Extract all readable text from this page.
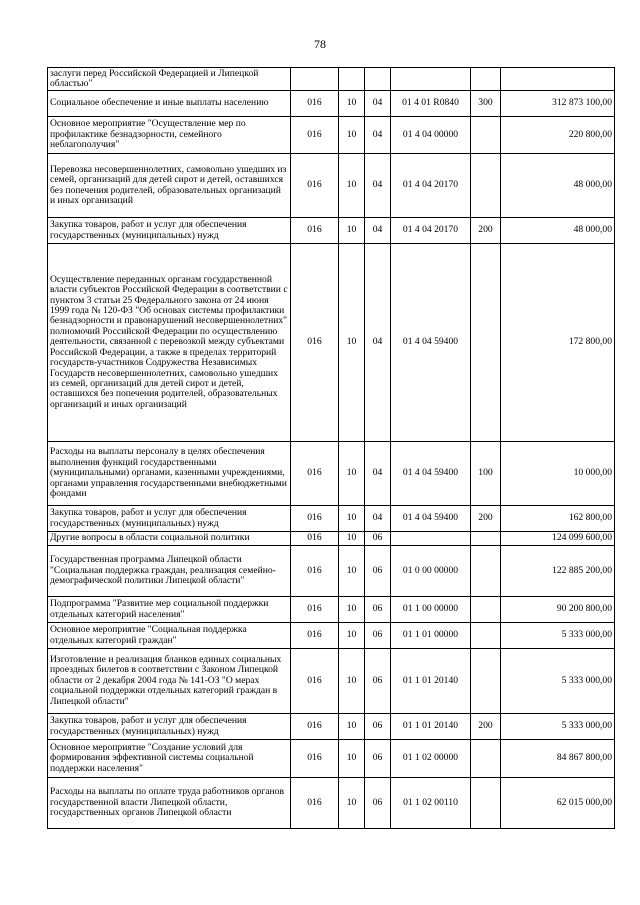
78
заслуги перед Российской Федерацией и Липецкой областью"						
Социальное обеспечение и иные выплаты населению	016	10	04	01 4 01 R0840	300	312 873 100,00
Основное мероприятие "Осуществление мер по профилактике безнадзорности, семейного неблагополучия"	016	10	04	01 4 04 00000		220 800,00
Перевозка несовершеннолетних, самовольно ушедших из семей, организаций для детей сирот и детей, оставшихся без попечения родителей, образовательных организаций и иных организаций	016	10	04	01 4 04 20170		48 000,00
Закупка товаров, работ и услуг для обеспечения государственных (муниципальных) нужд	016	10	04	01 4 04 20170	200	48 000,00
Осуществление переданных органам государственной власти субъектов Российской Федерации в соответствии с пунктом 3 статьи 25 Федерального закона от 24 июня 1999 года № 120-ФЗ "Об основах системы профилактики безнадзорности и правонарушений несовершеннолетних" полномочий Российской Федерации по осуществлению деятельности, связанной с перевозкой между субъектами Российской Федерации, а также в пределах территорий государств-участников Содружества Независимых Государств несовершеннолетних, самовольно ушедших из семей, организаций для детей сирот и детей, оставшихся без попечения родителей, образовательных организаций и иных организаций	016	10	04	01 4 04 59400		172 800,00
Расходы на выплаты персоналу в целях обеспечения выполнения функций государственными (муниципальными) органами, казенными учреждениями, органами управления государственными внебюджетными фондами	016	10	04	01 4 04 59400	100	10 000,00
Закупка товаров, работ и услуг для обеспечения государственных (муниципальных) нужд	016	10	04	01 4 04 59400	200	162 800,00
Другие вопросы в области социальной политики	016	10	06			124 099 600,00
Государственная программа Липецкой области "Социальная поддержка граждан, реализация семейно-демографической политики Липецкой области"	016	10	06	01 0 00 00000		122 885 200,00
Подпрограмма "Развитие мер социальной поддержки отдельных категорий населения"	016	10	06	01 1 00 00000		90 200 800,00
Основное мероприятие "Социальная поддержка отдельных категорий граждан"	016	10	06	01 1 01 00000		5 333 000,00
Изготовление и реализация бланков единых социальных проездных билетов в соответствии с Законом Липецкой области от 2 декабря 2004 года № 141-ОЗ "О мерах социальной поддержки отдельных категорий граждан в Липецкой области"	016	10	06	01 1 01 20140		5 333 000,00
Закупка товаров, работ и услуг для обеспечения государственных (муниципальных) нужд	016	10	06	01 1 01 20140	200	5 333 000,00
Основное мероприятие "Создание условий для формирования эффективной системы социальной поддержки населения"	016	10	06	01 1 02 00000		84 867 800,00
Расходы на выплаты по оплате труда работников органов государственной власти Липецкой области, государственных органов Липецкой области	016	10	06	01 1 02 00110		62 015 000,00
